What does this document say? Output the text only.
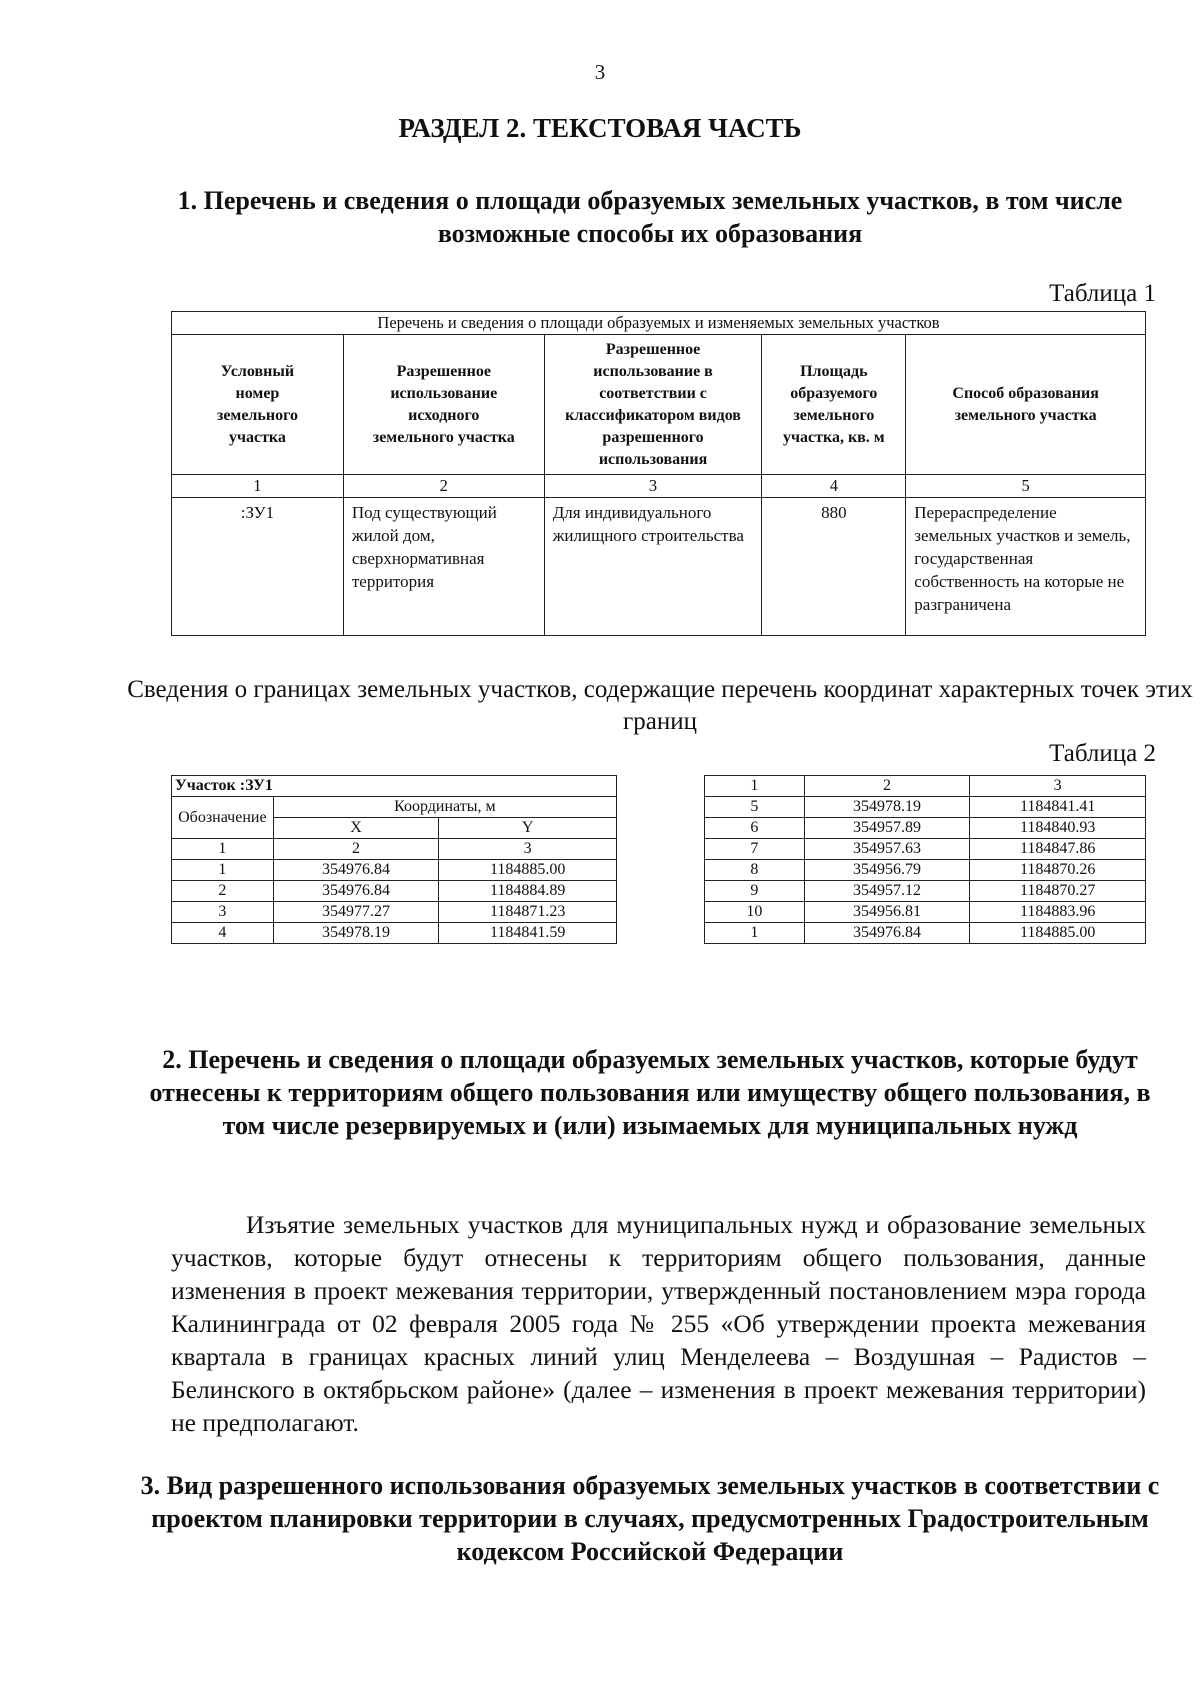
3
РАЗДЕЛ 2. ТЕКСТОВАЯ ЧАСТЬ
1. Перечень и сведения о площади образуемых земельных участков, в том числе возможные способы их образования
Таблица 1
Перечень и сведения о площади образуемых и изменяемых земельных участков				
Условный номер земельного участка	Разрешенное использование исходного земельного участка	Разрешенное использование в соответствии с классификатором видов разрешенного использования	Площадь образуемого земельного участка, кв. м	Способ образования земельного участка
1	2	3	4	5
:ЗУ1	Под существующий жилой дом, сверхнормативная территория	Для индивидуального жилищного строительства	880	Перераспределение земельных участков и земель, государственная собственность на которые не разграничена
Сведения о границах земельных участков, содержащие перечень координат характерных точек этих границ
Таблица 2
Участок :ЗУ1		
Обозначение	Координаты, м	
	X	Y
1	2	3
1	354976.84	1184885.00
2	354976.84	1184884.89
3	354977.27	1184871.23
4	354978.19	1184841.59
1	2	3
5	354978.19	1184841.41
6	354957.89	1184840.93
7	354957.63	1184847.86
8	354956.79	1184870.26
9	354957.12	1184870.27
10	354956.81	1184883.96
1	354976.84	1184885.00
2. Перечень и сведения о площади образуемых земельных участков, которые будут отнесены к территориям общего пользования или имуществу общего пользования, в том числе резервируемых и (или) изымаемых для муниципальных нужд

Изъятие земельных участков для муниципальных нужд и образование земельных участков, которые будут отнесены к территориям общего пользования, данные изменения в проект межевания территории, утвержденный постановлением мэра города Калининграда от 02 февраля 2005 года № 255 «Об утверждении проекта межевания квартала в границах красных линий улиц Менделеева – Воздушная – Радистов – Белинского в октябрьском районе» (далее – изменения в проект межевания территории) не предполагают.

3. Вид разрешенного использования образуемых земельных участков в соответствии с проектом планировки территории в случаях, предусмотренных Градостроительным кодексом Российской Федерации
